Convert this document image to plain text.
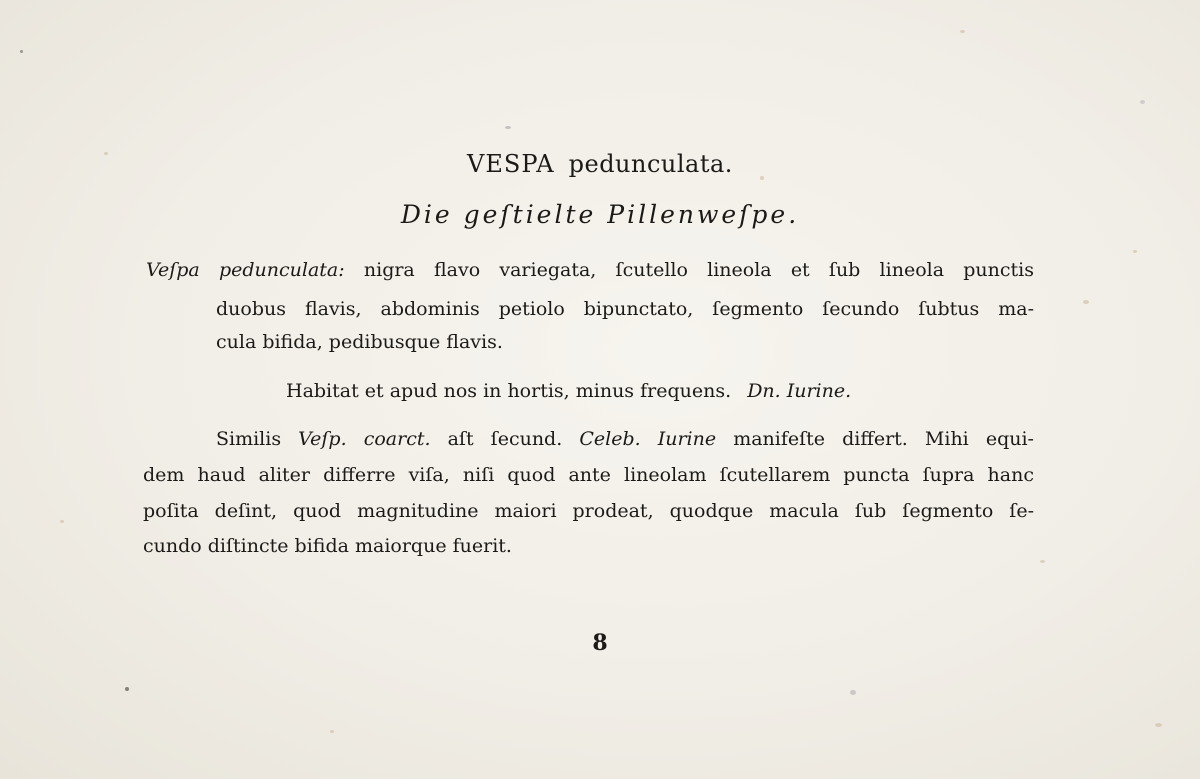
VESPA pedunculata.
Die geſtielte Pillenweſpe.
Veſpa pedunculata: nigra flavo variegata, ſcutello lineola et ſub lineola punctis
duobus flavis, abdominis petiolo bipunctato, ſegmento ſecundo ſubtus ma-
cula bifida, pedibusque flavis.
Habitat et apud nos in hortis, minus frequens. Dn. Iurine.
Similis Veſp. coarct. aſt ſecund. Celeb. Iurine manifeſte differt. Mihi equi-
dem haud aliter differre viſa, niſi quod ante lineolam ſcutellarem puncta ſupra hanc
poſita deſint, quod magnitudine maiori prodeat, quodque macula ſub ſegmento ſe-
cundo diſtincte bifida maiorque fuerit.
8
